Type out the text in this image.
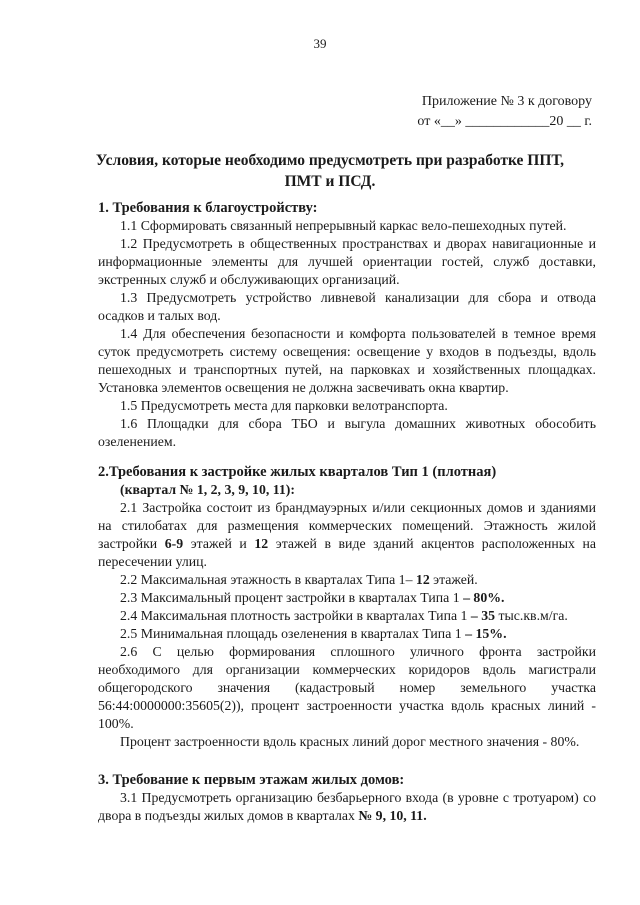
39
Приложение № 3 к договору
от «__» ____________20 __ г.
Условия, которые необходимо предусмотреть при разработке ППТ,
ПМТ и ПСД.

1. Требования к благоустройству:

1.1 Сформировать связанный непрерывный каркас вело-пешеходных путей.

1.2 Предусмотреть в общественных пространствах и дворах навигационные и информационные элементы для лучшей ориентации гостей, служб доставки, экстренных служб и обслуживающих организаций.

1.3 Предусмотреть устройство ливневой канализации для сбора и отвода осадков и талых вод.

1.4 Для обеспечения безопасности и комфорта пользователей в темное время суток предусмотреть систему освещения: освещение у входов в подъезды, вдоль пешеходных и транспортных путей, на парковках и хозяйственных площадках. Установка элементов освещения не должна засвечивать окна квартир.

1.5 Предусмотреть места для парковки велотранспорта.

1.6 Площадки для сбора ТБО и выгула домашних животных обособить озеленением.

2.Требования к застройке жилых кварталов Тип 1 (плотная)

(квартал № 1, 2, 3, 9, 10, 11):

2.1 Застройка состоит из брандмауэрных и/или секционных домов и зданиями на стилобатах для размещения коммерческих помещений. Этажность жилой застройки 6-9 этажей и 12 этажей в виде зданий акцентов расположенных на пересечении улиц.

2.2 Максимальная этажность в кварталах Типа 1– 12 этажей.

2.3 Максимальный процент застройки в кварталах Типа 1 – 80%.

2.4 Максимальная плотность застройки в кварталах Типа 1 – 35 тыс.кв.м/га.

2.5 Минимальная площадь озеленения в кварталах Типа 1 – 15%.

2.6 С целью формирования сплошного уличного фронта застройки необходимого для организации коммерческих коридоров вдоль магистрали общегородского значения (кадастровый номер земельного участка 56:44:0000000:35605(2)), процент застроенности участка вдоль красных линий - 100%.

Процент застроенности вдоль красных линий дорог местного значения - 80%.

3. Требование к первым этажам жилых домов:

3.1 Предусмотреть организацию безбарьерного входа (в уровне с тротуаром) со двора в подъезды жилых домов в кварталах № 9, 10, 11.
